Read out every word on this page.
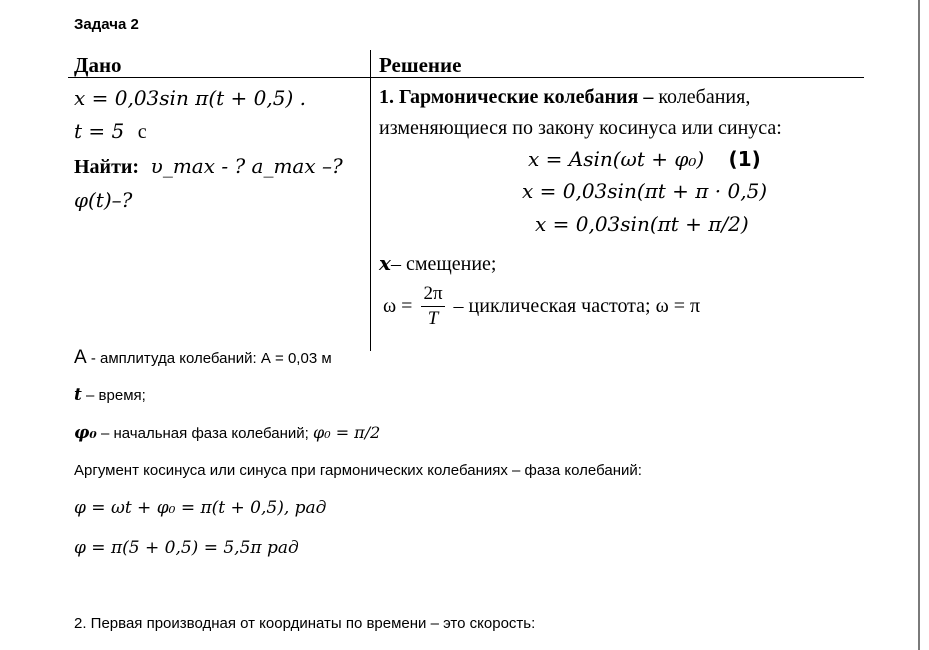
Задача 2
Дано	Решение
x = 0,03sin π(t + 0,5) .
t = 5 с
Найти: υ_max - ? a_max –?
φ(t)–?
1. Гармонические колебания – колебания,
изменяющиеся по закону косинуса или синуса:
x = Asin(ωt + φ₀) (1)
x = 0,03sin(πt + π · 0,5)
x = 0,03sin(πt + π/2)
x– смещение;
$\omega = \frac{2\pi}{T}$ – циклическая частота; ω = π
A - амплитуда колебаний: А = 0,03 м
t – время;
φ₀ – начальная фаза колебаний; φ₀ = π/2
Аргумент косинуса или синуса при гармонических колебаниях – фаза колебаний:
φ = ωt + φ₀ = π(t + 0,5), рад
φ = π(5 + 0,5) = 5,5π рад
2. Первая производная от координаты по времени – это скорость:
